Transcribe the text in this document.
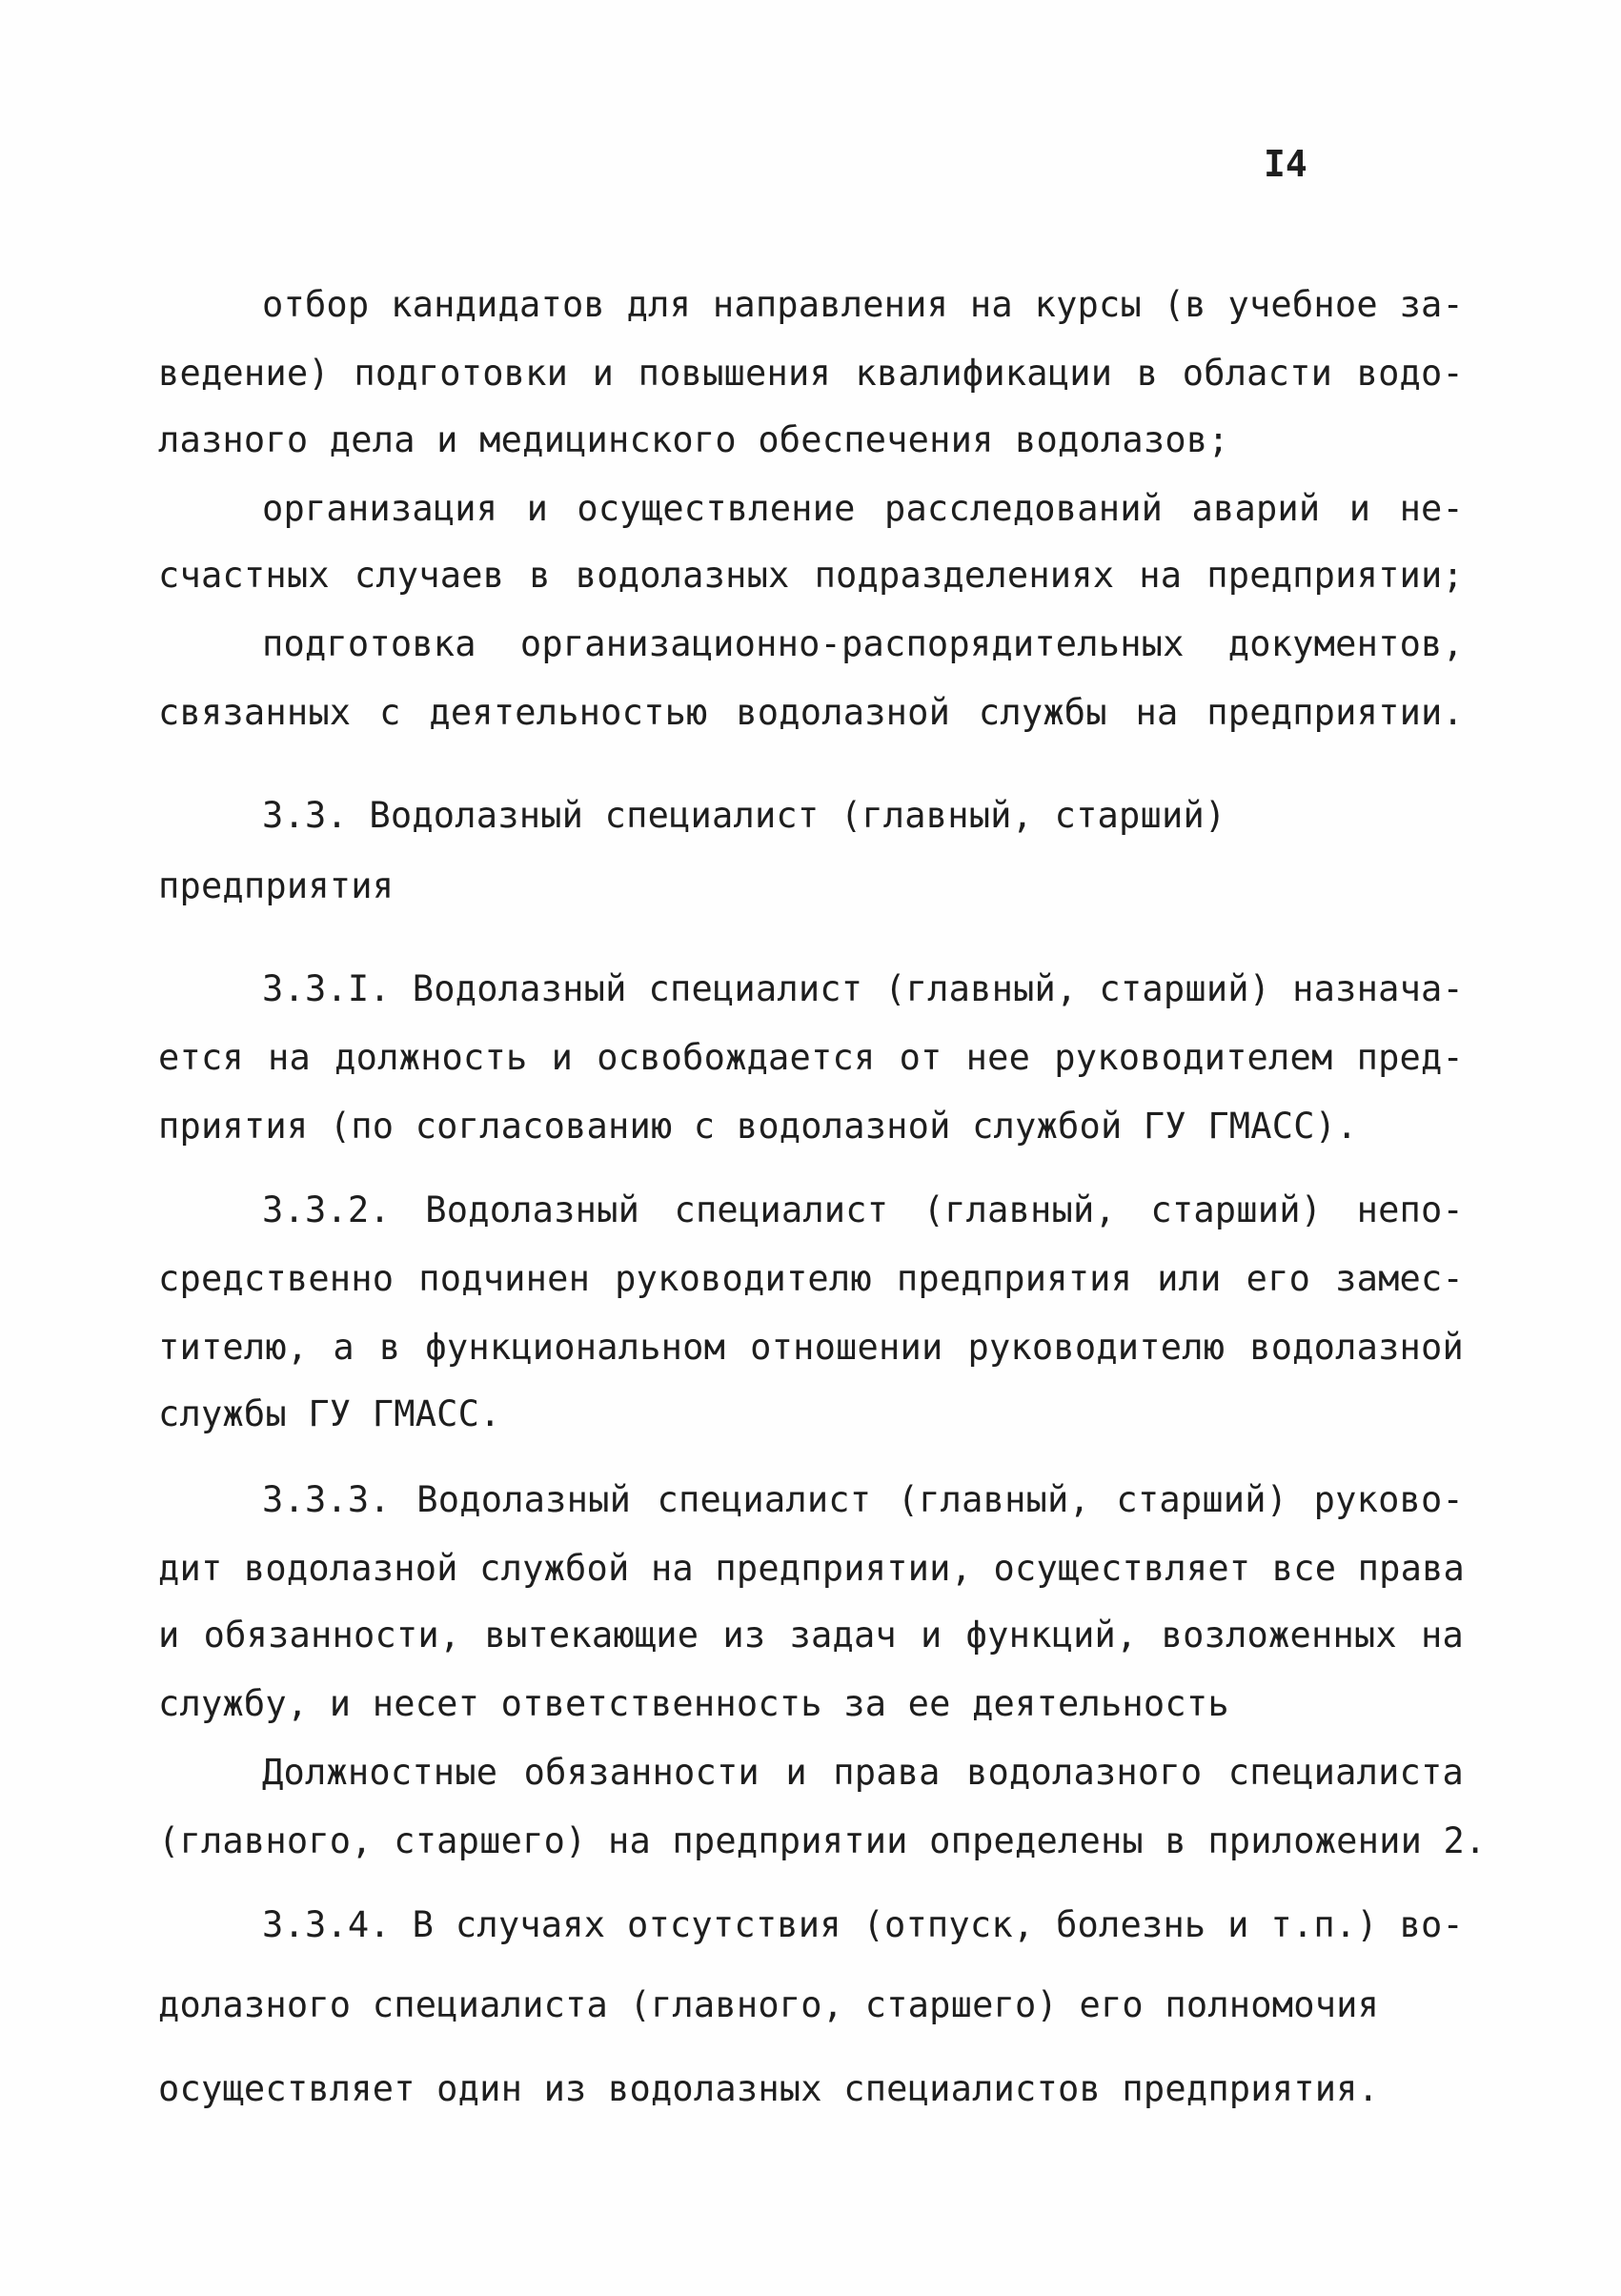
I4
отбор кандидатов для направления на курсы (в учебное за-
ведение) подготовки и повышения квалификации в области водо-
лазного дела и медицинского обеспечения водолазов;
организация и осуществление расследований аварий и не-
счастных случаев в водолазных подразделениях на предприятии;
подготовка организационно-распорядительных документов,
связанных с деятельностью водолазной службы на предприятии.
3.3. Водолазный специалист (главный, старший)
предприятия
3.3.I. Водолазный специалист (главный, старший) назнача-
ется на должность и освобождается от нее руководителем пред-
приятия (по согласованию с водолазной службой ГУ ГМАСС).
3.3.2. Водолазный специалист (главный, старший) непо-
средственно подчинен руководителю предприятия или его замес-
тителю, а в функциональном отношении руководителю водолазной
службы ГУ ГМАСС.
3.3.3. Водолазный специалист (главный, старший) руково-
дит водолазной службой на предприятии, осуществляет все права
и обязанности, вытекающие из задач и функций, возложенных на
службу, и несет ответственность за ее деятельность
Должностные обязанности и права водолазного специалиста
(главного, старшего) на предприятии определены в приложении 2.
3.3.4. В случаях отсутствия (отпуск, болезнь и т.п.) во-
долазного специалиста (главного, старшего) его полномочия
осуществляет один из водолазных специалистов предприятия.
